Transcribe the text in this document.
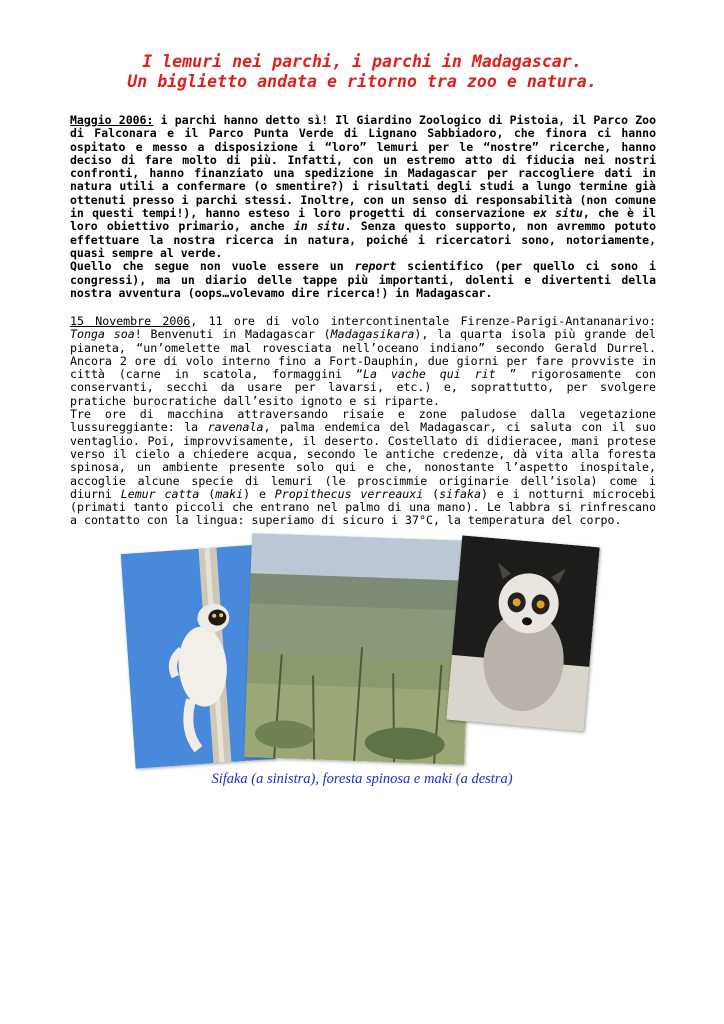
I lemuri nei parchi, i parchi in Madagascar.
Un biglietto andata e ritorno tra zoo e natura.
Maggio 2006: i parchi hanno detto sì! Il Giardino Zoologico di Pistoia, il Parco Zoo di Falconara e il Parco Punta Verde di Lignano Sabbiadoro, che finora ci hanno ospitato e messo a disposizione i “loro” lemuri per le “nostre” ricerche, hanno deciso di fare molto di più. Infatti, con un estremo atto di fiducia nei nostri confronti, hanno finanziato una spedizione in Madagascar per raccogliere dati in natura utili a confermare (o smentire?) i risultati degli studi a lungo termine già ottenuti presso i parchi stessi. Inoltre, con un senso di responsabilità (non comune in questi tempi!), hanno esteso i loro progetti di conservazione ex situ, che è il loro obiettivo primario, anche in situ. Senza questo supporto, non avremmo potuto effettuare la nostra ricerca in natura, poiché i ricercatori sono, notoriamente, quasi sempre al verde.
Quello che segue non vuole essere un report scientifico (per quello ci sono i congressi), ma un diario delle tappe più importanti, dolenti e divertenti della nostra avventura (oops…volevamo dire ricerca!) in Madagascar.
15 Novembre 2006, 11 ore di volo intercontinentale Firenze-Parigi-Antananarivo: Tonga soa! Benvenuti in Madagascar (Madagasikara), la quarta isola più grande del pianeta, “un’omelette mal rovesciata nell’oceano indiano” secondo Gerald Durrel. Ancora 2 ore di volo interno fino a Fort-Dauphin, due giorni per fare provviste in città (carne in scatola, formaggini “La vache qui rit ” rigorosamente con conservanti, secchi da usare per lavarsi, etc.) e, soprattutto, per svolgere pratiche burocratiche dall’esito ignoto e si riparte.
Tre ore di macchina attraversando risaie e zone paludose dalla vegetazione lussureggiante: la ravenala, palma endemica del Madagascar, ci saluta con il suo ventaglio. Poi, improvvisamente, il deserto. Costellato di didieracee, mani protese verso il cielo a chiedere acqua, secondo le antiche credenze, dà vita alla foresta spinosa, un ambiente presente solo qui e che, nonostante l’aspetto inospitale, accoglie alcune specie di lemuri (le proscimmie originarie dell’isola) come i diurni Lemur catta (maki) e Propithecus verreauxi (sifaka) e i notturni microcebi (primati tanto piccoli che entrano nel palmo di una mano). Le labbra si rinfrescano a contatto con la lingua: superiamo di sicuro i 37°C, la temperatura del corpo.
Sifaka (a sinistra), foresta spinosa e maki (a destra)
